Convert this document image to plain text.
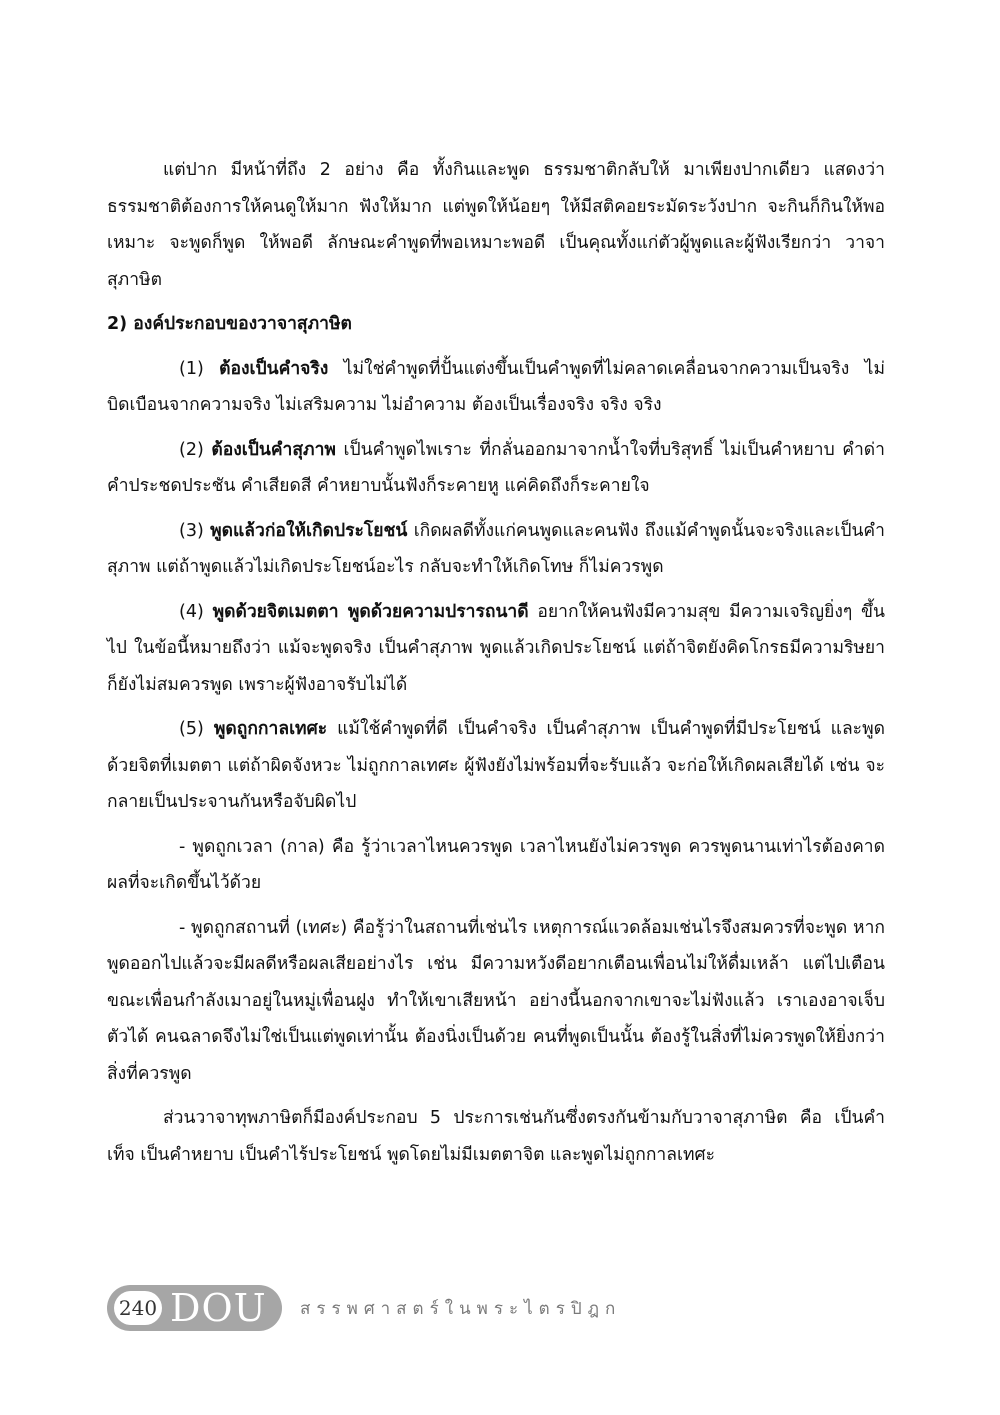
แต่ปาก มีหน้าที่ถึง 2 อย่าง คือ ทั้งกินและพูด ธรรมชาติกลับให้ มาเพียงปากเดียว แสดงว่าธรรมชาติต้องการให้คนดูให้มาก ฟังให้มาก แต่พูดให้น้อยๆ ให้มีสติคอยระมัดระวังปาก จะกินก็กินให้พอเหมาะ จะพูดก็พูด ให้พอดี ลักษณะคำพูดที่พอเหมาะพอดี เป็นคุณทั้งแก่ตัวผู้พูดและผู้ฟังเรียกว่า วาจาสุภาษิต

2) องค์ประกอบของวาจาสุภาษิต

(1) ต้องเป็นคำจริง ไม่ใช่คำพูดที่ปั้นแต่งขึ้นเป็นคำพูดที่ไม่คลาดเคลื่อนจากความเป็นจริง ไม่บิดเบือนจากความจริง ไม่เสริมความ ไม่อำความ ต้องเป็นเรื่องจริง จริง จริง

(2) ต้องเป็นคำสุภาพ เป็นคำพูดไพเราะ ที่กลั่นออกมาจากน้ำใจที่บริสุทธิ์ ไม่เป็นคำหยาบ คำด่า คำประชดประชัน คำเสียดสี คำหยาบนั้นฟังก็ระคายหู แค่คิดถึงก็ระคายใจ

(3) พูดแล้วก่อให้เกิดประโยชน์ เกิดผลดีทั้งแก่คนพูดและคนฟัง ถึงแม้คำพูดนั้นจะจริงและเป็นคำสุภาพ แต่ถ้าพูดแล้วไม่เกิดประโยชน์อะไร กลับจะทำให้เกิดโทษ ก็ไม่ควรพูด

(4) พูดด้วยจิตเมตตา พูดด้วยความปรารถนาดี อยากให้คนฟังมีความสุข มีความเจริญยิ่งๆ ขึ้นไป ในข้อนี้หมายถึงว่า แม้จะพูดจริง เป็นคำสุภาพ พูดแล้วเกิดประโยชน์ แต่ถ้าจิตยังคิดโกรธมีความริษยาก็ยังไม่สมควรพูด เพราะผู้ฟังอาจรับไม่ได้

(5) พูดถูกกาลเทศะ แม้ใช้คำพูดที่ดี เป็นคำจริง เป็นคำสุภาพ เป็นคำพูดที่มีประโยชน์ และพูดด้วยจิตที่เมตตา แต่ถ้าผิดจังหวะ ไม่ถูกกาลเทศะ ผู้ฟังยังไม่พร้อมที่จะรับแล้ว จะก่อให้เกิดผลเสียได้ เช่น จะกลายเป็นประจานกันหรือจับผิดไป

- พูดถูกเวลา (กาล) คือ รู้ว่าเวลาไหนควรพูด เวลาไหนยังไม่ควรพูด ควรพูดนานเท่าไรต้องคาดผลที่จะเกิดขึ้นไว้ด้วย

- พูดถูกสถานที่ (เทศะ) คือรู้ว่าในสถานที่เช่นไร เหตุการณ์แวดล้อมเช่นไรจึงสมควรที่จะพูด หากพูดออกไปแล้วจะมีผลดีหรือผลเสียอย่างไร เช่น มีความหวังดีอยากเตือนเพื่อนไม่ให้ดื่มเหล้า แต่ไปเตือนขณะเพื่อนกำลังเมาอยู่ในหมู่เพื่อนฝูง ทำให้เขาเสียหน้า อย่างนี้นอกจากเขาจะไม่ฟังแล้ว เราเองอาจเจ็บตัวได้ คนฉลาดจึงไม่ใช่เป็นแต่พูดเท่านั้น ต้องนิ่งเป็นด้วย คนที่พูดเป็นนั้น ต้องรู้ในสิ่งที่ไม่ควรพูดให้ยิ่งกว่าสิ่งที่ควรพูด

ส่วนวาจาทุพภาษิตก็มีองค์ประกอบ 5 ประการเช่นกันซึ่งตรงกันข้ามกับวาจาสุภาษิต คือ เป็นคำเท็จ เป็นคำหยาบ เป็นคำไร้ประโยชน์ พูดโดยไม่มีเมตตาจิต และพูดไม่ถูกกาลเทศะ

240 DOU สรรพศาสตร์ในพระไตรปิฎก
